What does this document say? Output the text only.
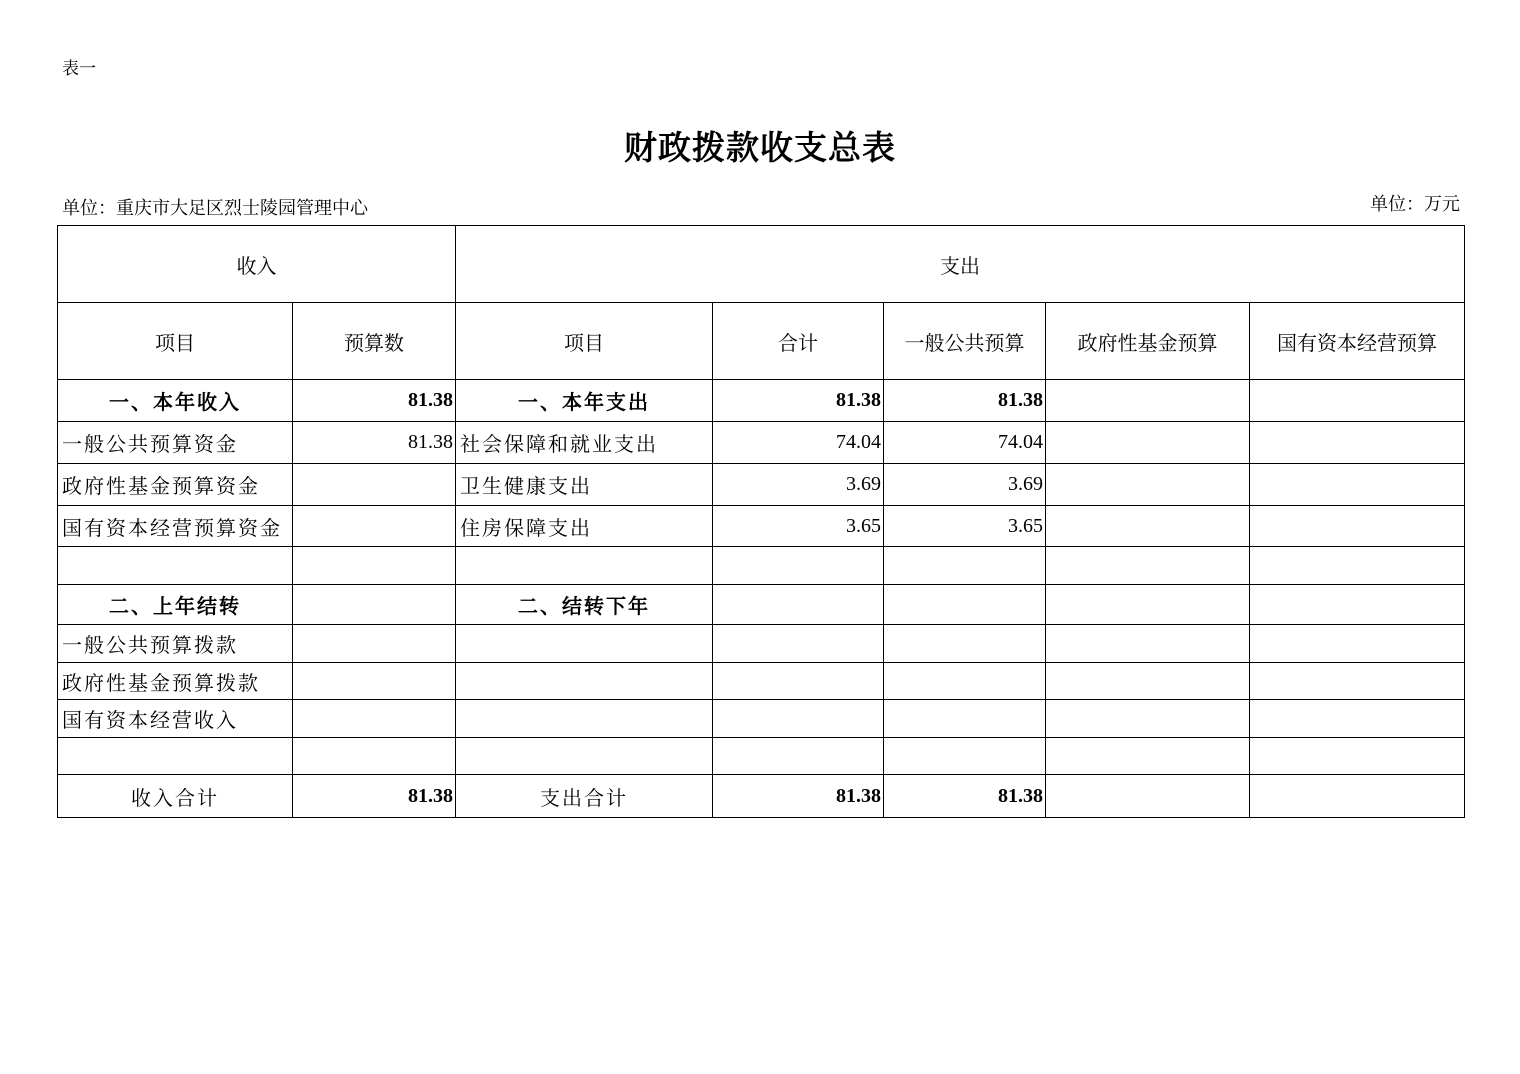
表一
财政拨款收支总表
单位：重庆市大足区烈士陵园管理中心	单位：万元
收入		支出				
项目	预算数	项目	合计	一般公共预算	政府性基金预算	国有资本经营预算
一、本年收入	81.38	一、本年支出	81.38	81.38		
一般公共预算资金	81.38	社会保障和就业支出	74.04	74.04		
政府性基金预算资金		卫生健康支出	3.69	3.69		
国有资本经营预算资金		住房保障支出	3.65	3.65		

二、上年结转		二、结转下年				
一般公共预算拨款						
政府性基金预算拨款						
国有资本经营收入						

收入合计	81.38	支出合计	81.38	81.38		
